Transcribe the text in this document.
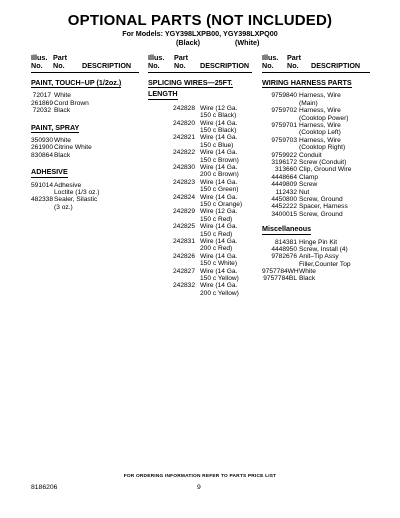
OPTIONAL PARTS (NOT INCLUDED)
For Models: YGY398LXPB00, YGY398LXPQ00
(Black)	(White)
Illus.
No.
Part
No. DESCRIPTION
PAINT, TOUCH–UP (1/2oz.)
72017 White
261869 Cord Brown
72032 Black
PAINT, SPRAY
350930 White
261900 Citrine White
830864 Black
ADHESIVE
591014 Adhesive
Loctite (1/3 oz.)
482338 Sealer, Silastic
(3 oz.)
Illus.
No.
Part
No. DESCRIPTION
SPLICING WIRES—25FT.
LENGTH
242828 Wire (12 Ga.
150 c Black)
242820 Wire (14 Ga.
150 c Black)
242821 Wire (14 Ga.
150 c Blue)
242822 Wire (14 Ga.
150 c Brown)
242830 Wire (14 Ga.
200 c Brown)
242823 Wire (14 Ga.
150 c Green)
242824 Wire (14 Ga.
150 c Orange)
242829 Wire (12 Ga.
150 c Red)
242825 Wire (14 Ga.
150 c Red)
242831 Wire (14 Ga.
200 c Red)
242826 Wire (14 Ga.
150 c White)
242827 Wire (14 Ga.
150 c Yellow)
242832 Wire (14 Ga.
200 c Yellow)
Illus.
No.
Part
No. DESCRIPTION
WIRING HARNESS PARTS
9759840 Harness, Wire
(Main)
9759702 Harness, Wire
(Cooktop Power)
9759701 Harness, Wire
(Cooktop Left)
9759703 Harness, Wire
(Cooktop Right)
9759922 Conduit
3196172 Screw (Conduit)
313660 Clip, Ground Wire
4448664 Clamp
4449809 Screw
112432 Nut
4450800 Screw, Ground
4452222 Spacer, Harness
3400015 Screw, Ground
Miscellaneous
814381 Hinge Pin Kit
4448950 Screw, Install (4)
9782676 Anit–Tip Assy
Filler,Counter Top
9757784WH White
9757784BL Black
FOR ORDERING INFORMATION REFER TO PARTS PRICE LIST
8186206	9
